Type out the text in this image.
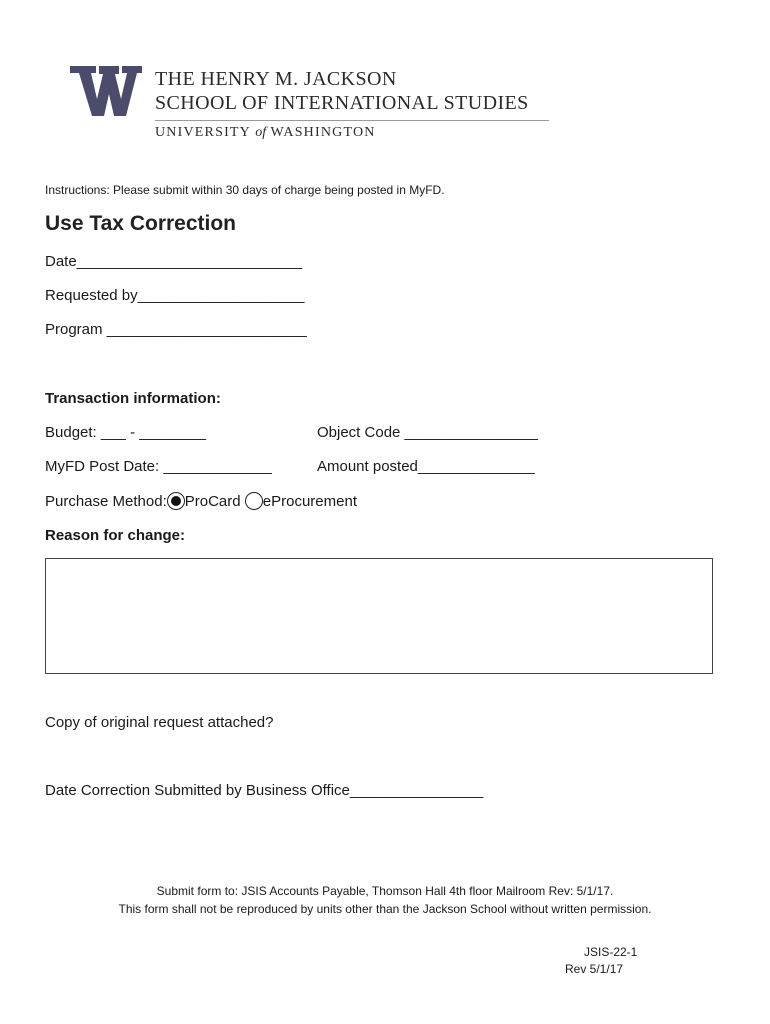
THE HENRY M. JACKSON
SCHOOL OF INTERNATIONAL STUDIES
UNIVERSITY of WASHINGTON
Instructions: Please submit within 30 days of charge being posted in MyFD.
Use Tax Correction
Date___________________________
Requested by____________________
Program ________________________
Transaction information:
Budget: ___ - ________	Object Code ________________
MyFD Post Date: _____________	Amount posted______________
Purchase Method: ProCard eProcurement
Reason for change:
Copy of original request attached?
Date Correction Submitted by Business Office________________
Submit form to: JSIS Accounts Payable, Thomson Hall 4th floor Mailroom Rev: 5/1/17.
This form shall not be reproduced by units other than the Jackson School without written permission.
JSIS-22-1
Rev 5/1/17
